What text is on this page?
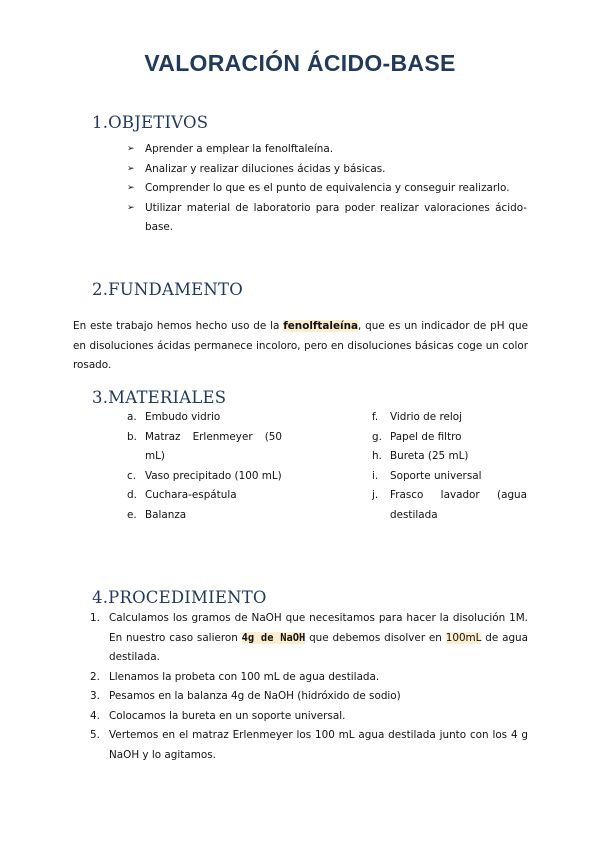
VALORACIÓN ÁCIDO-BASE
1.OBJETIVOS
➢ Aprender a emplear la fenolftaleína.
➢ Analizar y realizar diluciones ácidas y básicas.
➢ Comprender lo que es el punto de equivalencia y conseguir realizarlo.
➢ Utilizar material de laboratorio para poder realizar valoraciones ácido-base.
2.FUNDAMENTO
En este trabajo hemos hecho uso de la fenolftaleína, que es un indicador de pH que en disoluciones ácidas permanece incoloro, pero en disoluciones básicas coge un color rosado.
3.MATERIALES
a. Embudo vidrio
b. Matraz Erlenmeyer (50 mL)
c. Vaso precipitado (100 mL)
d. Cuchara-espátula
e. Balanza
f. Vidrio de reloj
g. Papel de filtro
h. Bureta (25 mL)
i. Soporte universal
j. Frasco lavador (agua destilada
4.PROCEDIMIENTO
1. Calculamos los gramos de NaOH que necesitamos para hacer la disolución 1M. En nuestro caso salieron 4g de NaOH que debemos disolver en 100mL de agua destilada.
2. Llenamos la probeta con 100 mL de agua destilada.
3. Pesamos en la balanza 4g de NaOH (hidróxido de sodio)
4. Colocamos la bureta en un soporte universal.
5. Vertemos en el matraz Erlenmeyer los 100 mL agua destilada junto con los 4 g NaOH y lo agitamos.
